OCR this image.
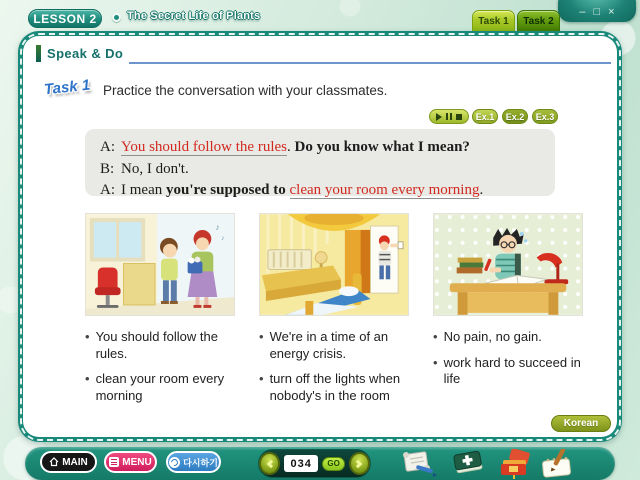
– □ ×
LESSON 2	The Secret Life of Plants	Task 1	Task 2
Speak & Do
Task 1 Practice the conversation with your classmates.
Ex.1	Ex.2	Ex.3
A: You should follow the rules. Do you know what I mean?
B: No, I don't.
A: I mean you're supposed to clean your room every morning.
♪
♪
• You should follow the rules.
• clean your room every morning
• We're in a time of an energy crisis.
• turn off the lights when nobody's in the room
• No pain, no gain.
• work hard to succeed in life
Korean
MAIN	MENU	다시하기	034	GO
